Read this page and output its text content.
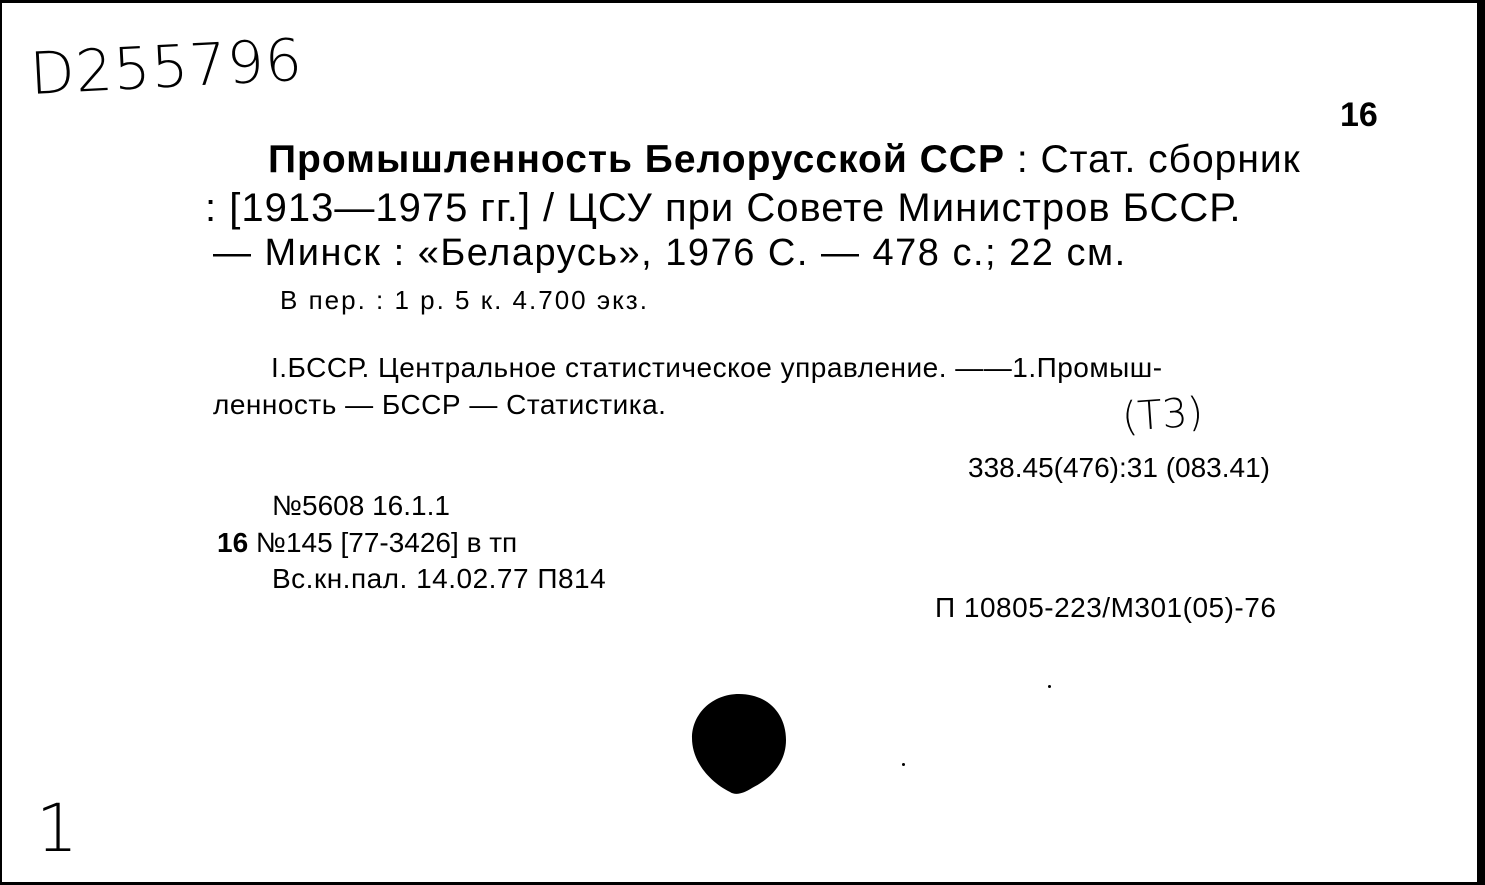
D255796
16
Промышленность Белорусской ССР : Стат. сборник
: [1913—1975 гг.] / ЦСУ при Совете Министров БССР.
— Минск : «Беларусь», 1976 С. — 478 с.; 22 см.
В пер. : 1 р. 5 к. 4.700 экз.
I.БССР. Центральное статистическое управление. ——1.Промыш-
ленность — БССР — Статистика.	(T3)
338.45(476):31 (083.41)
№5608 16.1.1
16 №145 [77-3426] в тп
Вс.кн.пал. 14.02.77 П814
П 10805-223/М301(05)-76
1
